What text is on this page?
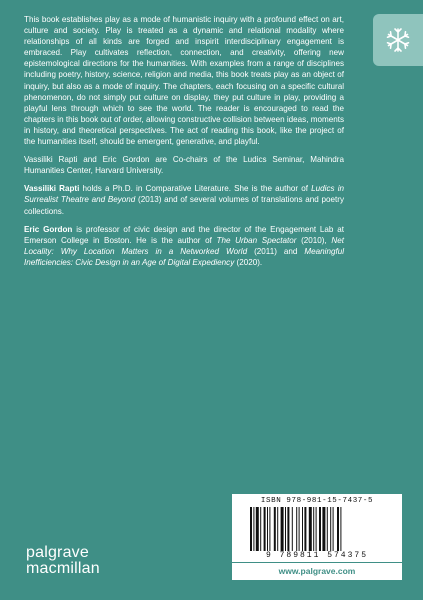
This book establishes play as a mode of humanistic inquiry with a profound effect on art, culture and society. Play is treated as a dynamic and relational modality where relationships of all kinds are forged and inspirit interdisciplinary engagement is embraced. Play cultivates reflection, connection, and creativity, offering new epistemological directions for the humanities. With examples from a range of disciplines including poetry, history, science, religion and media, this book treats play as an object of inquiry, but also as a mode of inquiry. The chapters, each focusing on a specific cultural phenomenon, do not simply put culture on display, they put culture in play, providing a playful lens through which to see the world. The reader is encouraged to read the chapters in this book out of order, allowing constructive collision between ideas, moments in history, and theoretical perspectives. The act of reading this book, like the project of the humanities itself, should be emergent, generative, and playful.

Vassiliki Rapti and Eric Gordon are Co-chairs of the Ludics Seminar, Mahindra Humanities Center, Harvard University.

Vassiliki Rapti holds a Ph.D. in Comparative Literature. She is the author of Ludics in Surrealist Theatre and Beyond (2013) and of several volumes of translations and poetry collections.

Eric Gordon is professor of civic design and the director of the Engagement Lab at Emerson College in Boston. He is the author of The Urban Spectator (2010), Net Locality: Why Location Matters in a Networked World (2011) and Meaningful Inefficiencies: Civic Design in an Age of Digital Expediency (2020).

palgrave
macmillan
ISBN 978-981-15-7437-5
9 789811 574375
www.palgrave.com
